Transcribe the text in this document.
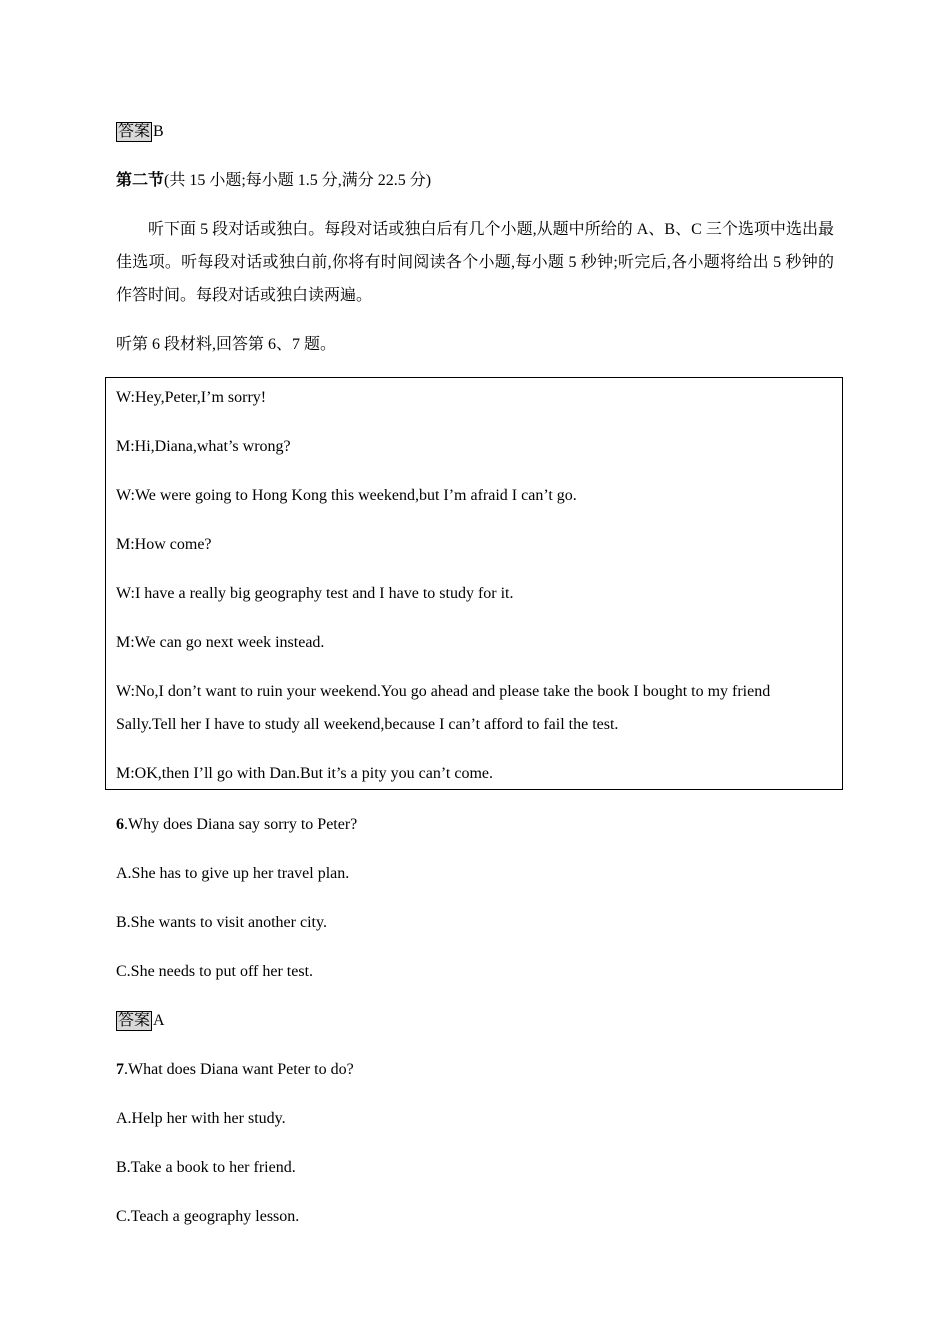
答案 B
第二节(共 15 小题;每小题 1.5 分,满分 22.5 分)
听下面 5 段对话或独白。每段对话或独白后有几个小题,从题中所给的 A、B、C 三个选项中选出最佳选项。听每段对话或独白前,你将有时间阅读各个小题,每小题 5 秒钟;听完后,各小题将给出 5 秒钟的作答时间。每段对话或独白读两遍。
听第 6 段材料,回答第 6、7 题。
W:Hey,Peter,I’m sorry!
M:Hi,Diana,what’s wrong?
W:We were going to Hong Kong this weekend,but I’m afraid I can’t go.
M:How come?
W:I have a really big geography test and I have to study for it.
M:We can go next week instead.
W:No,I don’t want to ruin your weekend.You go ahead and please take the book I bought to my friend Sally.Tell her I have to study all weekend,because I can’t afford to fail the test.
M:OK,then I’ll go with Dan.But it’s a pity you can’t come.
6.Why does Diana say sorry to Peter?
A.She has to give up her travel plan.
B.She wants to visit another city.
C.She needs to put off her test.
答案 A
7.What does Diana want Peter to do?
A.Help her with her study.
B.Take a book to her friend.
C.Teach a geography lesson.
